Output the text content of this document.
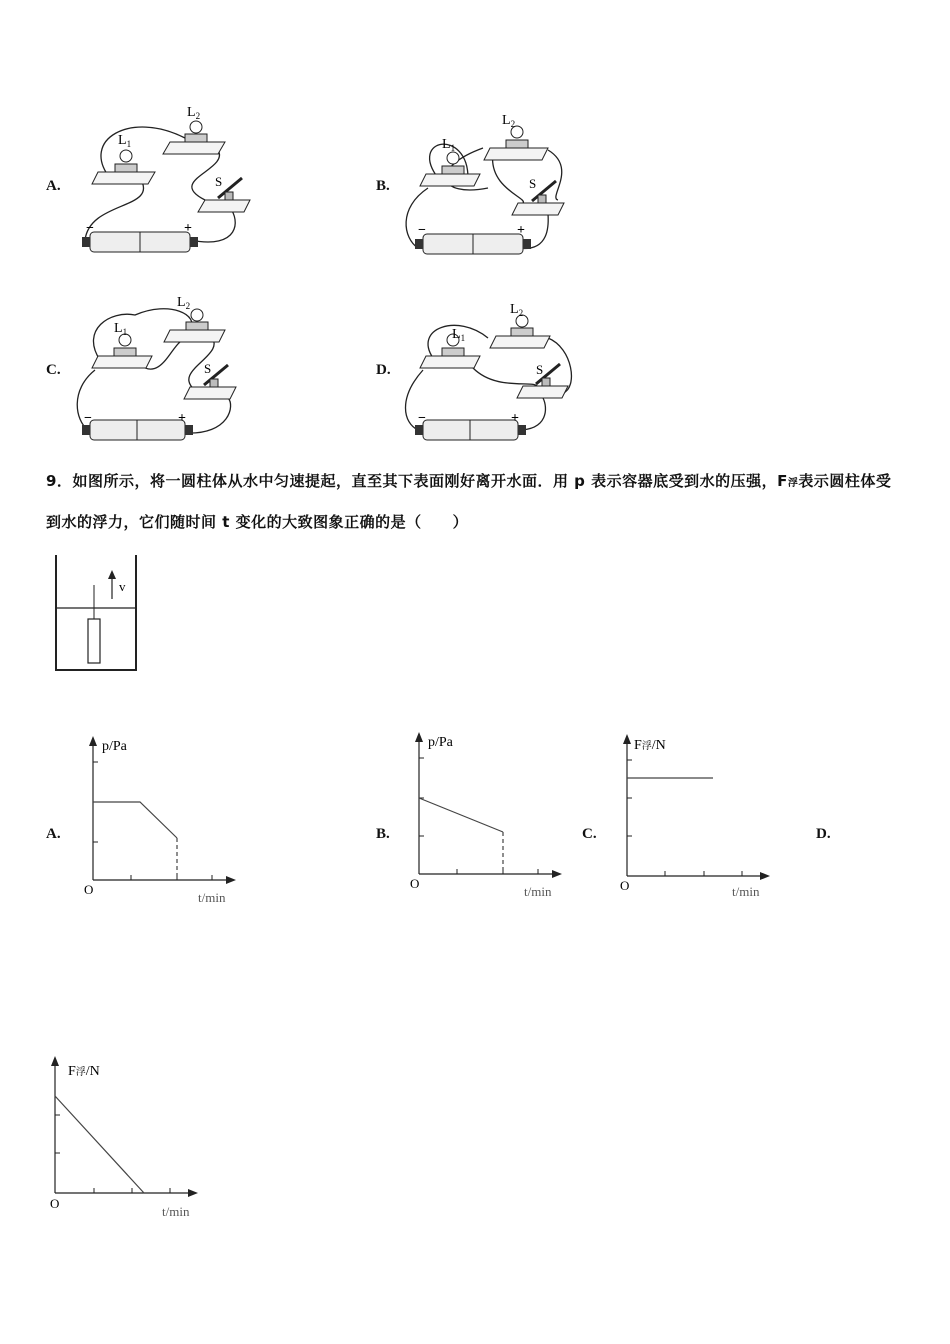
A.
$L_1$
$L_2$
S
−	+
B.
$L_1$
$L_2$
S
−	+
C.
$L_1$
$L_2$
S
−	+
D.
$L_1$
$L_2$
S
−	+
9．如图所示，将一圆柱体从水中匀速提起，直至其下表面刚好离开水面．用 p 表示容器底受到水的压强，F浮表示圆柱体受到水的浮力，它们随时间 t 变化的大致图象正确的是（　　）
v
A.
p/Pa
t/min
O
B.
p/Pa
t/min
O
C.
F浮/N
t/min
O
D.
F浮/N
t/min
O
